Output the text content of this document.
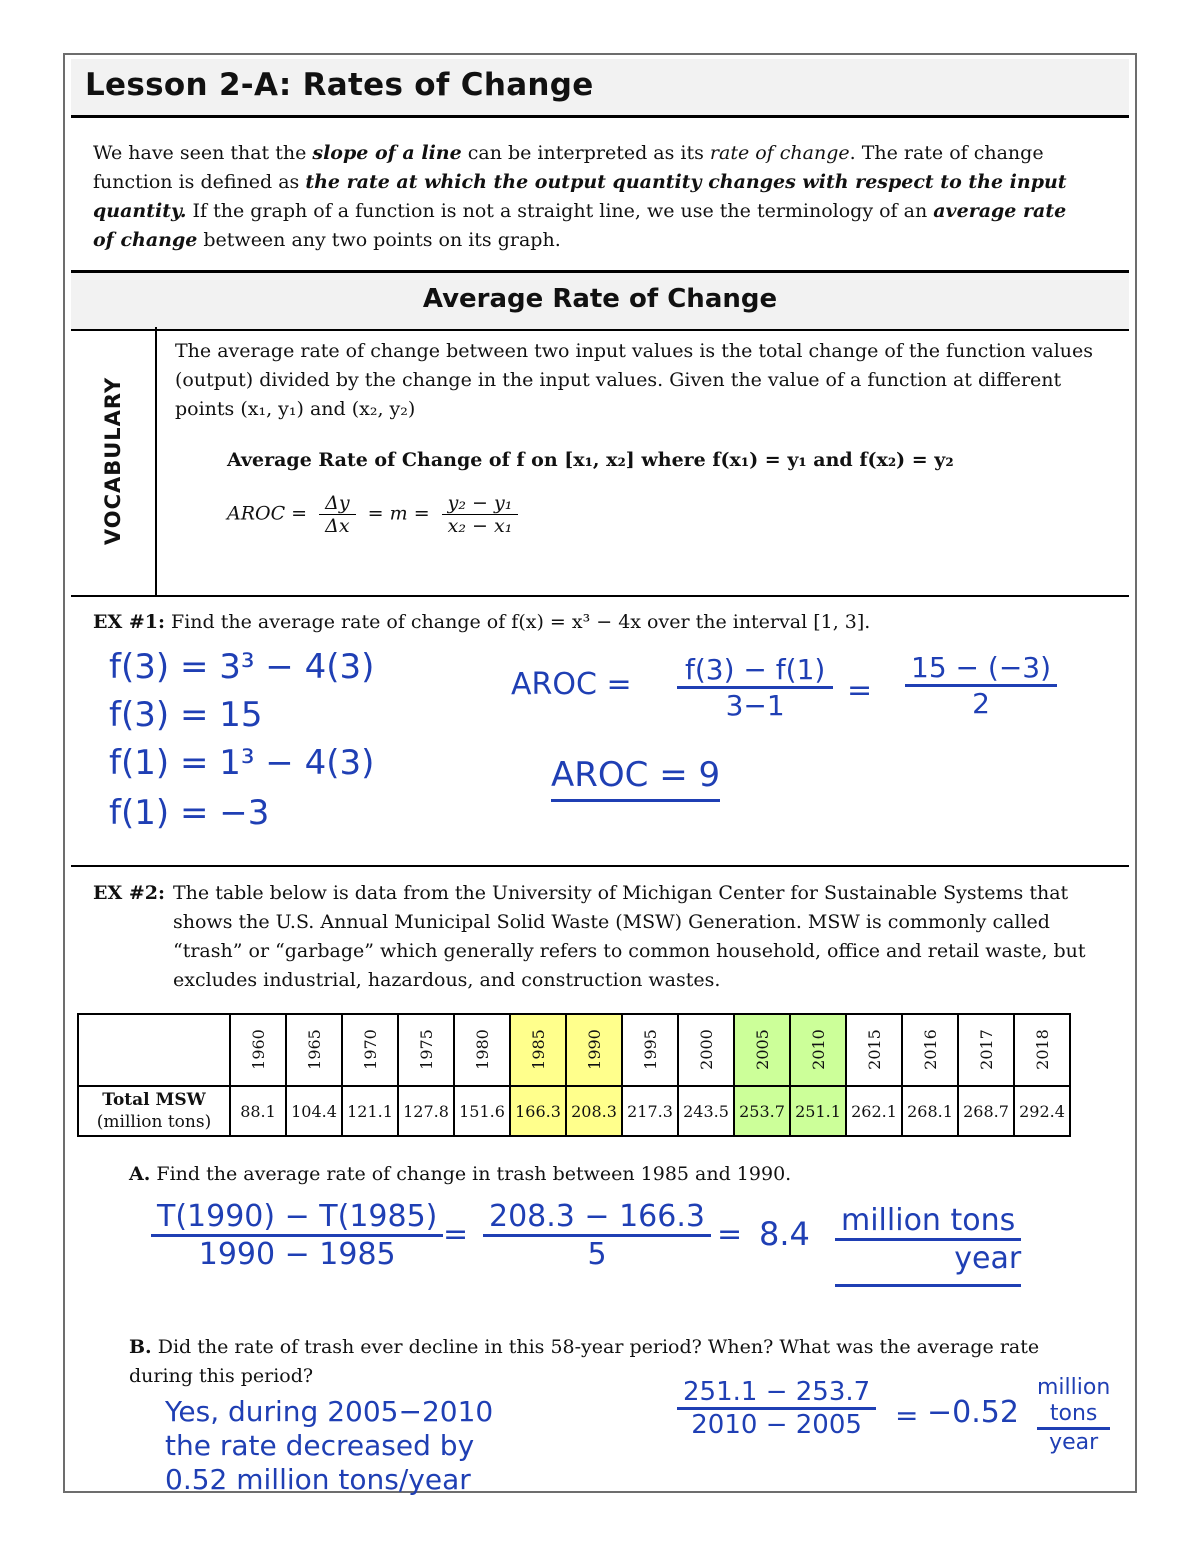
Lesson 2-A: Rates of Change
We have seen that the slope of a line can be interpreted as its rate of change. The rate of change function is defined as the rate at which the output quantity changes with respect to the input quantity. If the graph of a function is not a straight line, we use the terminology of an average rate of change between any two points on its graph.
Average Rate of Change
VOCABULARY
The average rate of change between two input values is the total change of the function values (output) divided by the change in the input values. Given the value of a function at different points (x₁, y₁) and (x₂, y₂)
Average Rate of Change of f on [x₁, x₂] where f(x₁) = y₁ and f(x₂) = y₂
AROC = $\frac{\Delta y}{\Delta x} = m = \frac{\text{y₂ − y₁}}{\text{x₂ − x₁}}$
EX #1: Find the average rate of change of f(x) = x³ − 4x over the interval [1, 3].
f(3) = 3³ − 4(3)
f(3) = 15
f(1) = 1³ − 4(3)
f(1) = −3
AROC = f(3) − f(1)
3−1	=
15 − (−3)
2
AROC = 9
EX #2: The table below is data from the University of Michigan Center for Sustainable Systems that shows the U.S. Annual Municipal Solid Waste (MSW) Generation. MSW is commonly called “trash” or “garbage” which generally refers to common household, office and retail waste, but excludes industrial, hazardous, and construction wastes.
	1960	1965	1970	1975	1980	1985	1990	1995	2000	2005	2010	2015	2016	2017	2018
Total MSW
(million tons)	88.1	104.4	121.1	127.8	151.6	166.3	208.3	217.3	243.5	253.7	251.1	262.1	268.1	268.7	292.4
A. Find the average rate of change in trash between 1985 and 1990.
T(1990) − T(1985)
1990 − 1985
=
208.3 − 166.3
5
= 8.4 million tons
year
B. Did the rate of trash ever decline in this 58-year period? When? What was the average rate during this period?
Yes, during 2005−2010
the rate decreased by
0.52 million tons/year
251.1 − 253.7
2010 − 2005	= −0.52
million
tons
year
